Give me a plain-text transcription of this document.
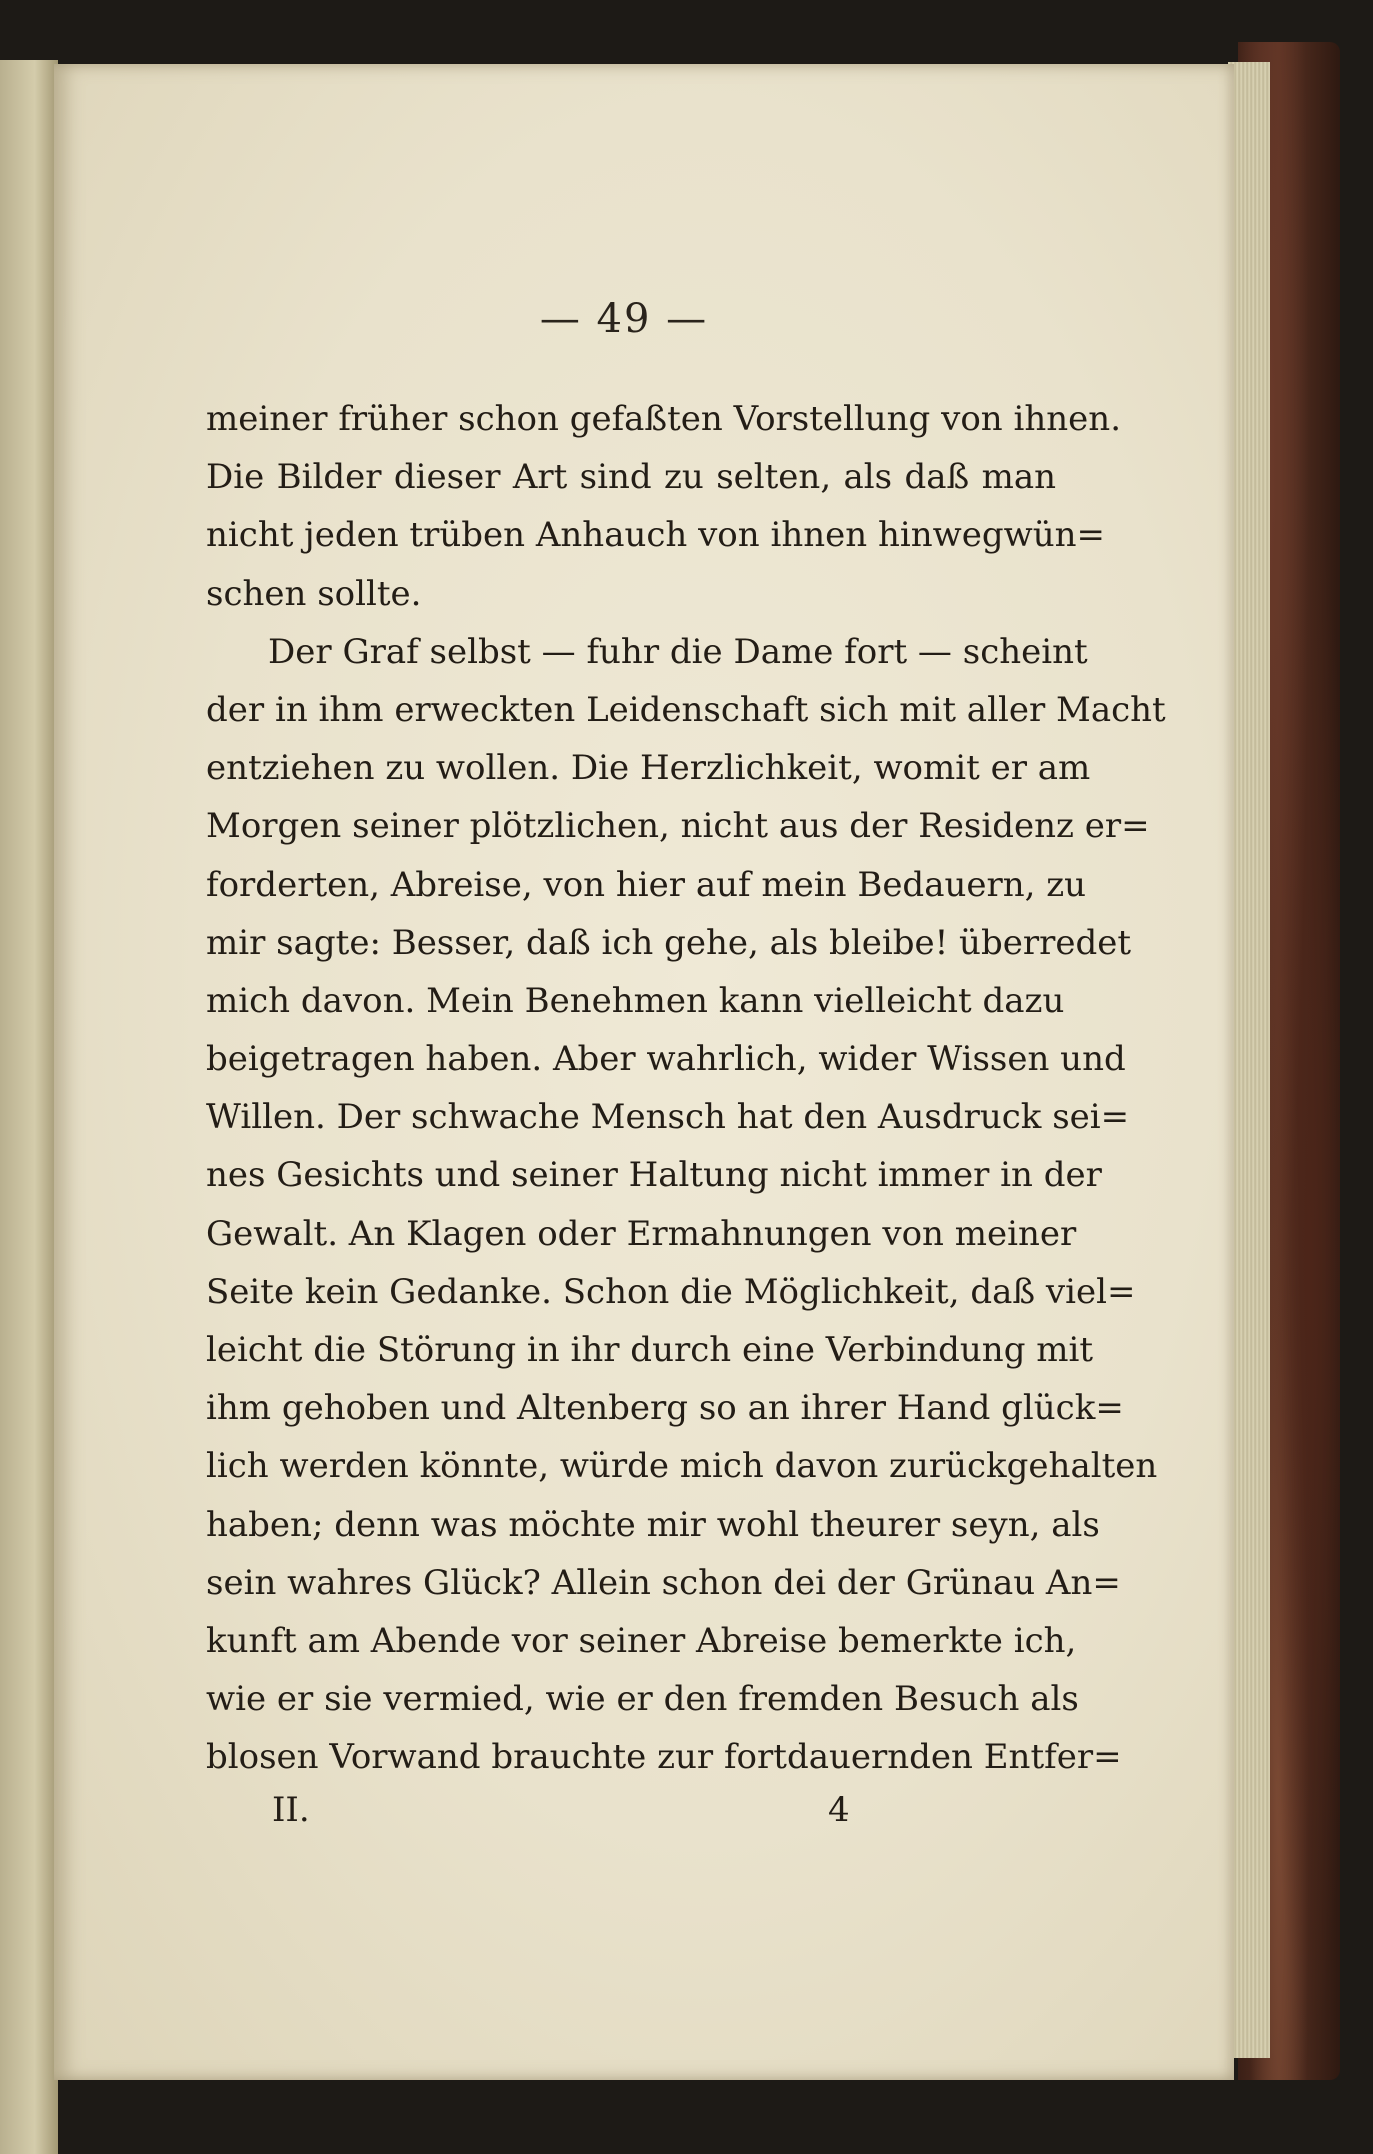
— 49 —
meiner früher schon gefaßten Vorstellung von ihnen.
Die Bilder dieser Art sind zu selten, als daß man
nicht jeden trüben Anhauch von ihnen hinwegwün=
schen sollte.
Der Graf selbst — fuhr die Dame fort — scheint
der in ihm erweckten Leidenschaft sich mit aller Macht
entziehen zu wollen. Die Herzlichkeit, womit er am
Morgen seiner plötzlichen, nicht aus der Residenz er=
forderten, Abreise, von hier auf mein Bedauern, zu
mir sagte: Besser, daß ich gehe, als bleibe! überredet
mich davon. Mein Benehmen kann vielleicht dazu
beigetragen haben. Aber wahrlich, wider Wissen und
Willen. Der schwache Mensch hat den Ausdruck sei=
nes Gesichts und seiner Haltung nicht immer in der
Gewalt. An Klagen oder Ermahnungen von meiner
Seite kein Gedanke. Schon die Möglichkeit, daß viel=
leicht die Störung in ihr durch eine Verbindung mit
ihm gehoben und Altenberg so an ihrer Hand glück=
lich werden könnte, würde mich davon zurückgehalten
haben; denn was möchte mir wohl theurer seyn, als
sein wahres Glück? Allein schon dei der Grünau An=
kunft am Abende vor seiner Abreise bemerkte ich,
wie er sie vermied, wie er den fremden Besuch als
blosen Vorwand brauchte zur fortdauernden Entfer=
II.	4
